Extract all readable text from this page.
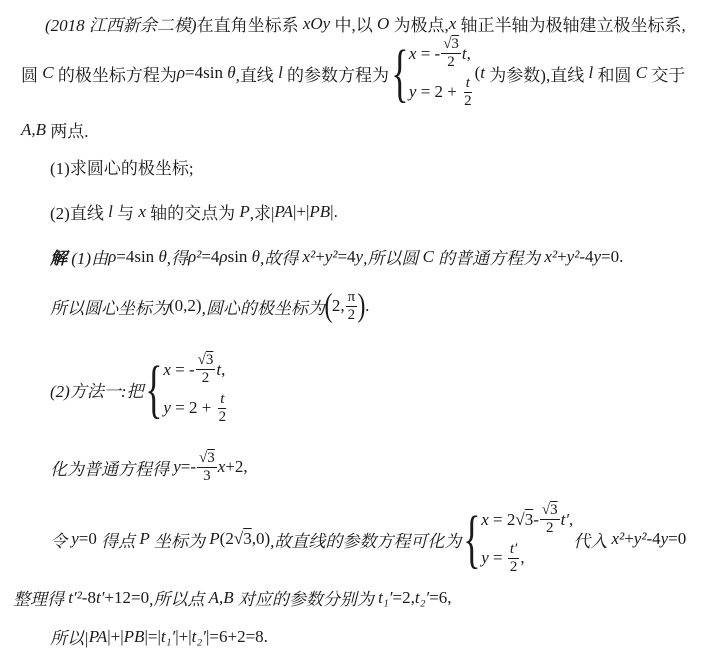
(2018 江西新余二模) 在直角坐标系 xOy 中,以 O 为极点, x 轴正半轴为极轴建立极坐标系,
圆 C 的极坐标方程为 ρ =4sin θ ,直线 l 的参数方程为 { x = - $\frac{√ 3}{2}$ t ,
$y = 2 + \frac{t}{2}$
( t 为参数),直线 l 和圆 C 交于
A,B 两点.
(1)求圆心的极坐标;
(2)直线 l 与 x 轴的交点为 P ,求| PA |+| PB |.
解 (1)由 ρ =4sin θ ,得 ρ² =4 ρ sin θ ,故得 x² + y² =4 y ,所以圆 C 的普通方程为 x² + y² -4 y =0.
所以圆心坐标为 (0,2) ,圆心的极坐标为 ( 2, $\frac{\pi}{2}$ ) .
(2)方法一:把 { x = - $\frac{√ 3}{2}$ t ,
$y = 2 + \frac{t}{2}$
化为普通方程得 $y =- \frac{√ 3}{3}$ x +2,
令 y =0 得点 P 坐标为 P (2 √ 3 ,0) ,故直线的参数方程可化为 { x = 2 √ $3 - \frac{√ 3}{2} t'$ ,
$y = \frac{t'}{2}$ ,
代入 x² + y² -4 y =0
整理得 t′² -8 t′ +12=0 ,所以点 A,B 对应的参数分别为 t₁′ =2, t₂′ =6,
所以| PA |+| PB |=| t₁′ |+| t₂′ |=6+2=8.
